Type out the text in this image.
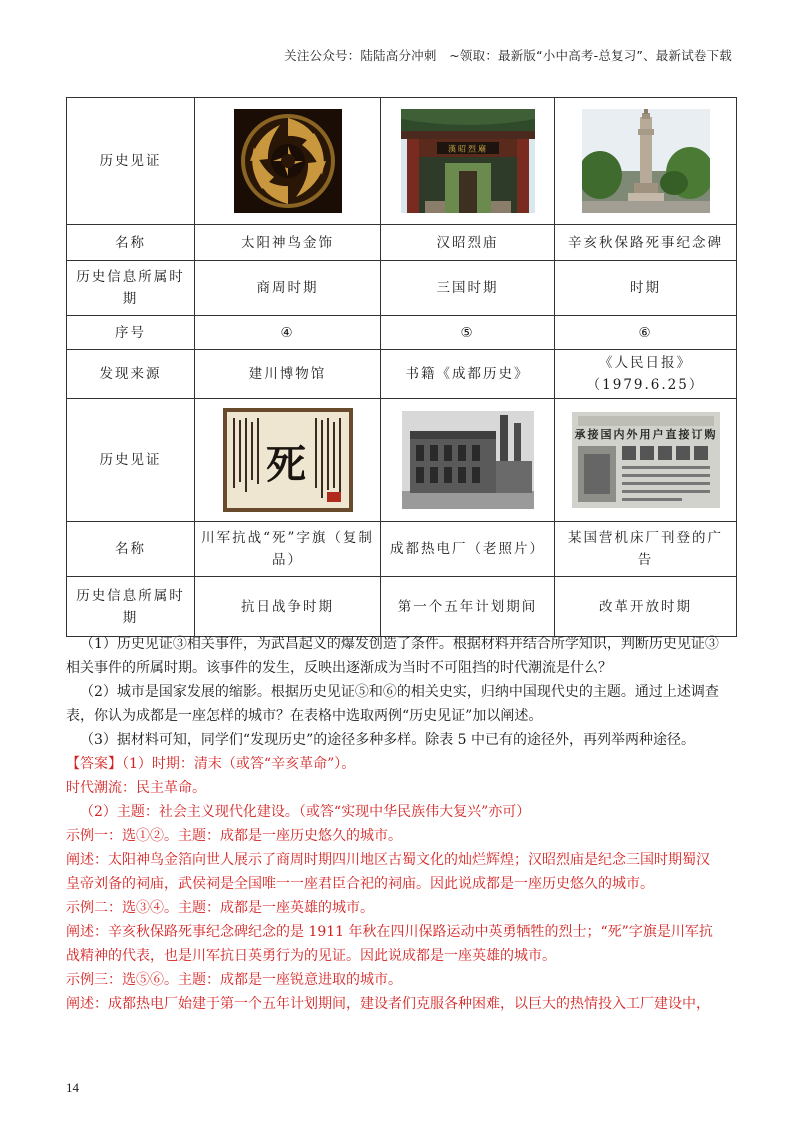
关注公众号：陆陆高分冲刺　~领取：最新版“小中高考-总复习”、最新试卷下载
历史见证		漢昭烈廟

名称	太阳神鸟金饰	汉昭烈庙	辛亥秋保路死事纪念碑
历史信息所属时期	商周时期	三国时期	时期
序号	④	⑤	⑥
发现来源	建川博物馆	书籍《成都历史》	《人民日报》（1979.6.25）
历史见证	死		承接国内外用户直接订购

名称	川军抗战“死”字旗（复制品）	成都热电厂（老照片）	某国营机床厂刊登的广告
历史信息所属时期	抗日战争时期	第一个五年计划期间	改革开放时期

（1）历史见证③相关事件，为武昌起义的爆发创造了条件。根据材料并结合所学知识，判断历史见证③

相关事件的所属时期。该事件的发生，反映出逐渐成为当时不可阻挡的时代潮流是什么？

（2）城市是国家发展的缩影。根据历史见证⑤和⑥的相关史实，归纳中国现代史的主题。通过上述调查

表，你认为成都是一座怎样的城市？在表格中选取两例“历史见证”加以阐述。

（3）据材料可知，同学们“发现历史”的途径多种多样。除表 5 中已有的途径外，再列举两种途径。

【答案】（1）时期：清末（或答“辛亥革命”）。

时代潮流：民主革命。

（2）主题：社会主义现代化建设。（或答“实现中华民族伟大复兴”亦可）

示例一：选①②。主题：成都是一座历史悠久的城市。

阐述：太阳神鸟金箔向世人展示了商周时期四川地区古蜀文化的灿烂辉煌；汉昭烈庙是纪念三国时期蜀汉

皇帝刘备的祠庙，武侯祠是全国唯一一座君臣合祀的祠庙。因此说成都是一座历史悠久的城市。

示例二：选③④。主题：成都是一座英雄的城市。

阐述：辛亥秋保路死事纪念碑纪念的是 1911 年秋在四川保路运动中英勇牺牲的烈士；“死”字旗是川军抗

战精神的代表，也是川军抗日英勇行为的见证。因此说成都是一座英雄的城市。

示例三：选⑤⑥。主题：成都是一座锐意进取的城市。

阐述：成都热电厂始建于第一个五年计划期间，建设者们克服各种困难，以巨大的热情投入工厂建设中，

14
